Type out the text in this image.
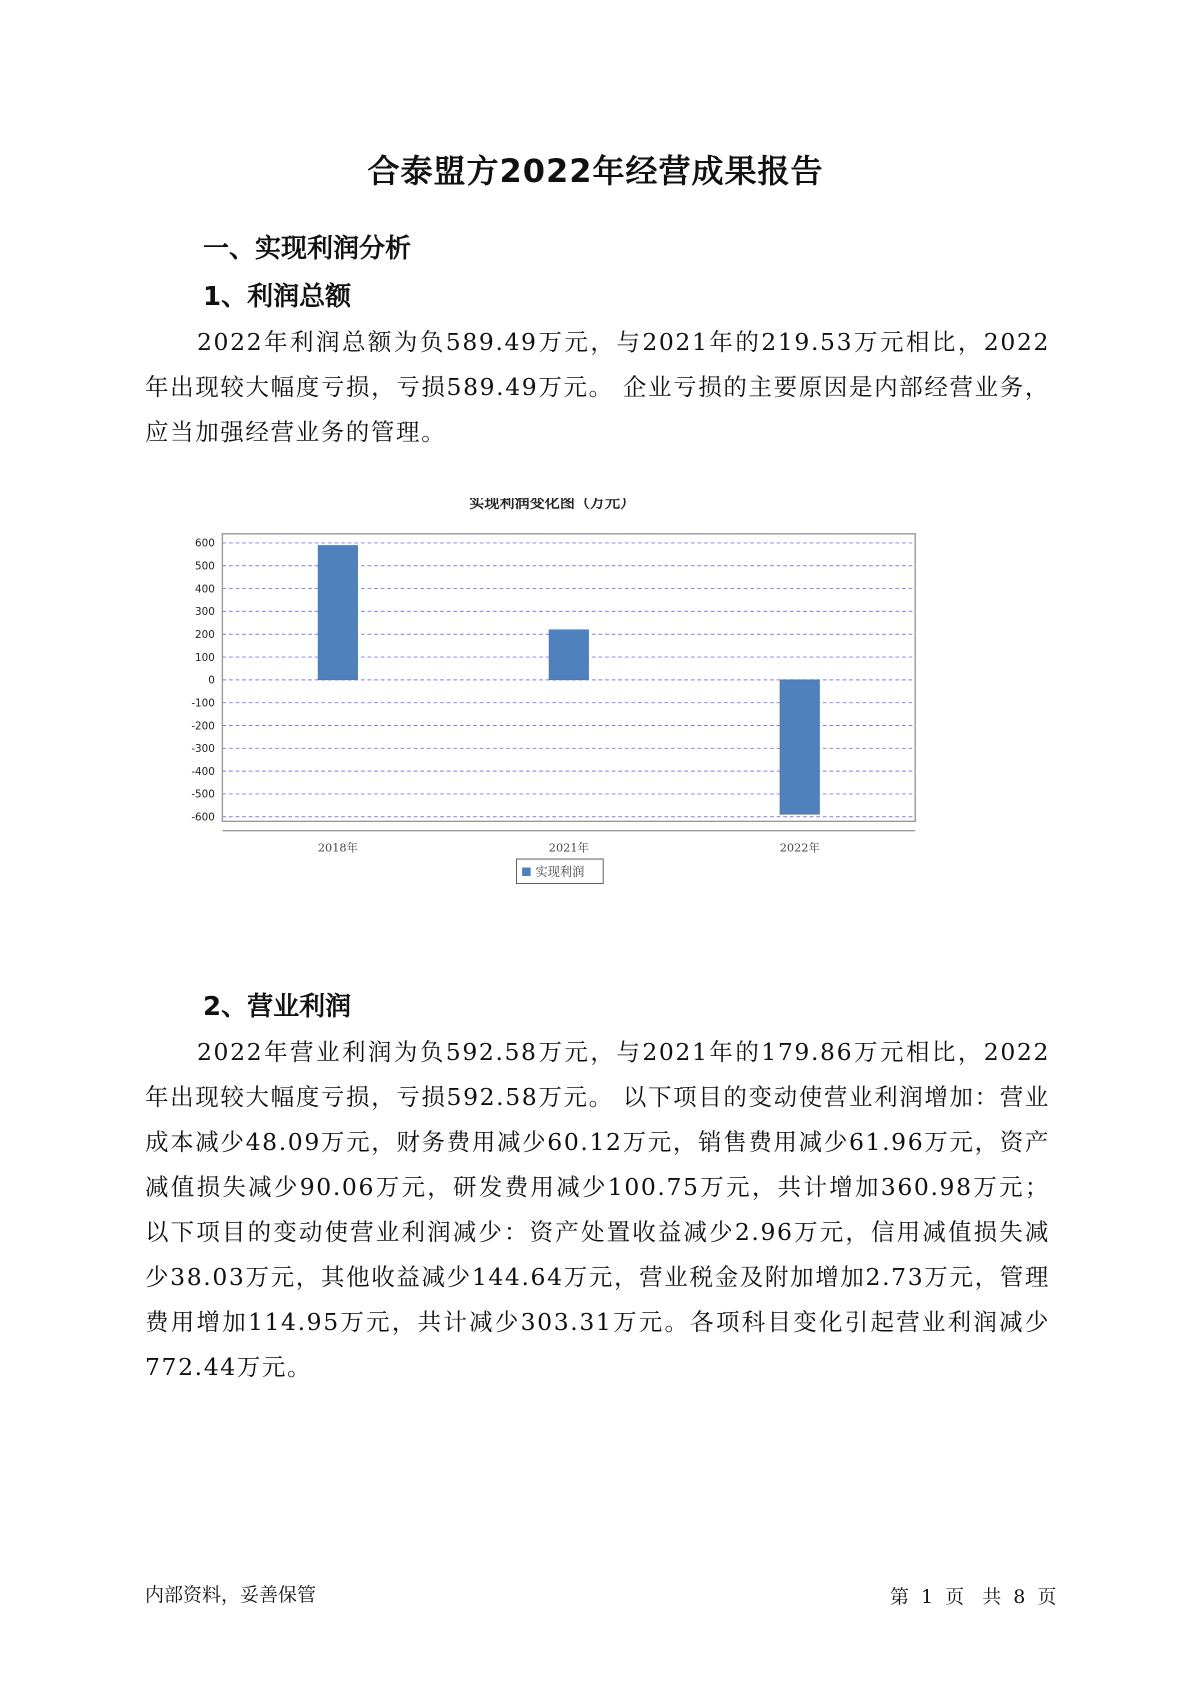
合泰盟方2022年经营成果报告
一、实现利润分析
1、利润总额
2022年利润总额为负589.49万元，与2021年的219.53万元相比，2022年出现较大幅度亏损，亏损589.49万元。 企业亏损的主要原因是内部经营业务，应当加强经营业务的管理。
实现利润变化图（万元）
600
500
400
300
200
100
0
-100
-200
-300
-400
-500
-600
2018年	2021年	2022年
实现利润
2、营业利润
2022年营业利润为负592.58万元，与2021年的179.86万元相比，2022年出现较大幅度亏损，亏损592.58万元。 以下项目的变动使营业利润增加：营业成本减少48.09万元，财务费用减少60.12万元，销售费用减少61.96万元，资产减值损失减少90.06万元，研发费用减少100.75万元，共计增加360.98万元；以下项目的变动使营业利润减少：资产处置收益减少2.96万元，信用减值损失减少38.03万元，其他收益减少144.64万元，营业税金及附加增加2.73万元，管理费用增加114.95万元，共计减少303.31万元。各项科目变化引起营业利润减少772.44万元。
内部资料，妥善保管	第 1 页 共 8 页
